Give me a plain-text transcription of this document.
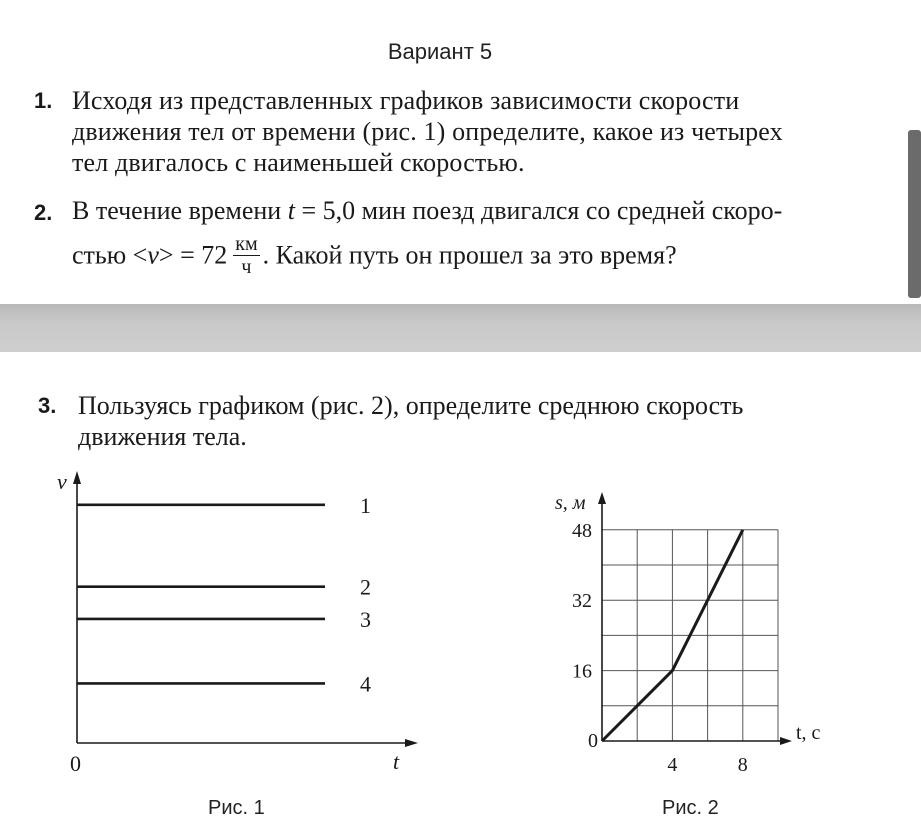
Вариант 5
1. Исходя из представленных графиков зависимости скорости
движения тел от времени (рис. 1) определите, какое из четырех
тел двигалось с наименьшей скоростью.
2. В течение времени t = 5,0 мин поезд двигался со средней скоро-
стью $<v> = 72 \frac{км}{ч}$ . Какой путь он прошел за это время?
3. Пользуясь графиком (рис. 2), определите среднюю скорость
движения тела.
v
t
0
1
2
3
4
Рис. 1
s, м
t, с
0
4	8
16
32
48
Рис. 2
